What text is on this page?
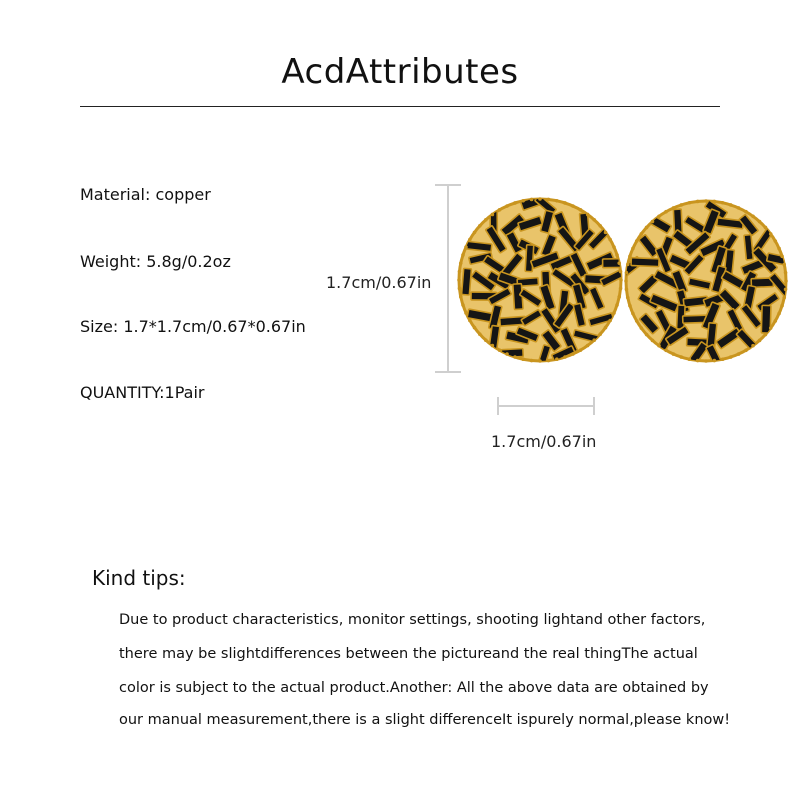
AcdAttributes
Material: copper
Weight: 5.8g/0.2oz
Size: 1.7*1.7cm/0.67*0.67in
QUANTITY:1Pair
1.7cm/0.67in
1.7cm/0.67in
Kind tips:
Due to product characteristics, monitor settings, shooting lightand other factors,
there may be slightdifferences between the pictureand the real thingThe actual
color is subject to the actual product.Another: All the above data are obtained by
our manual measurement,there is a slight differenceIt ispurely normal,please know!
